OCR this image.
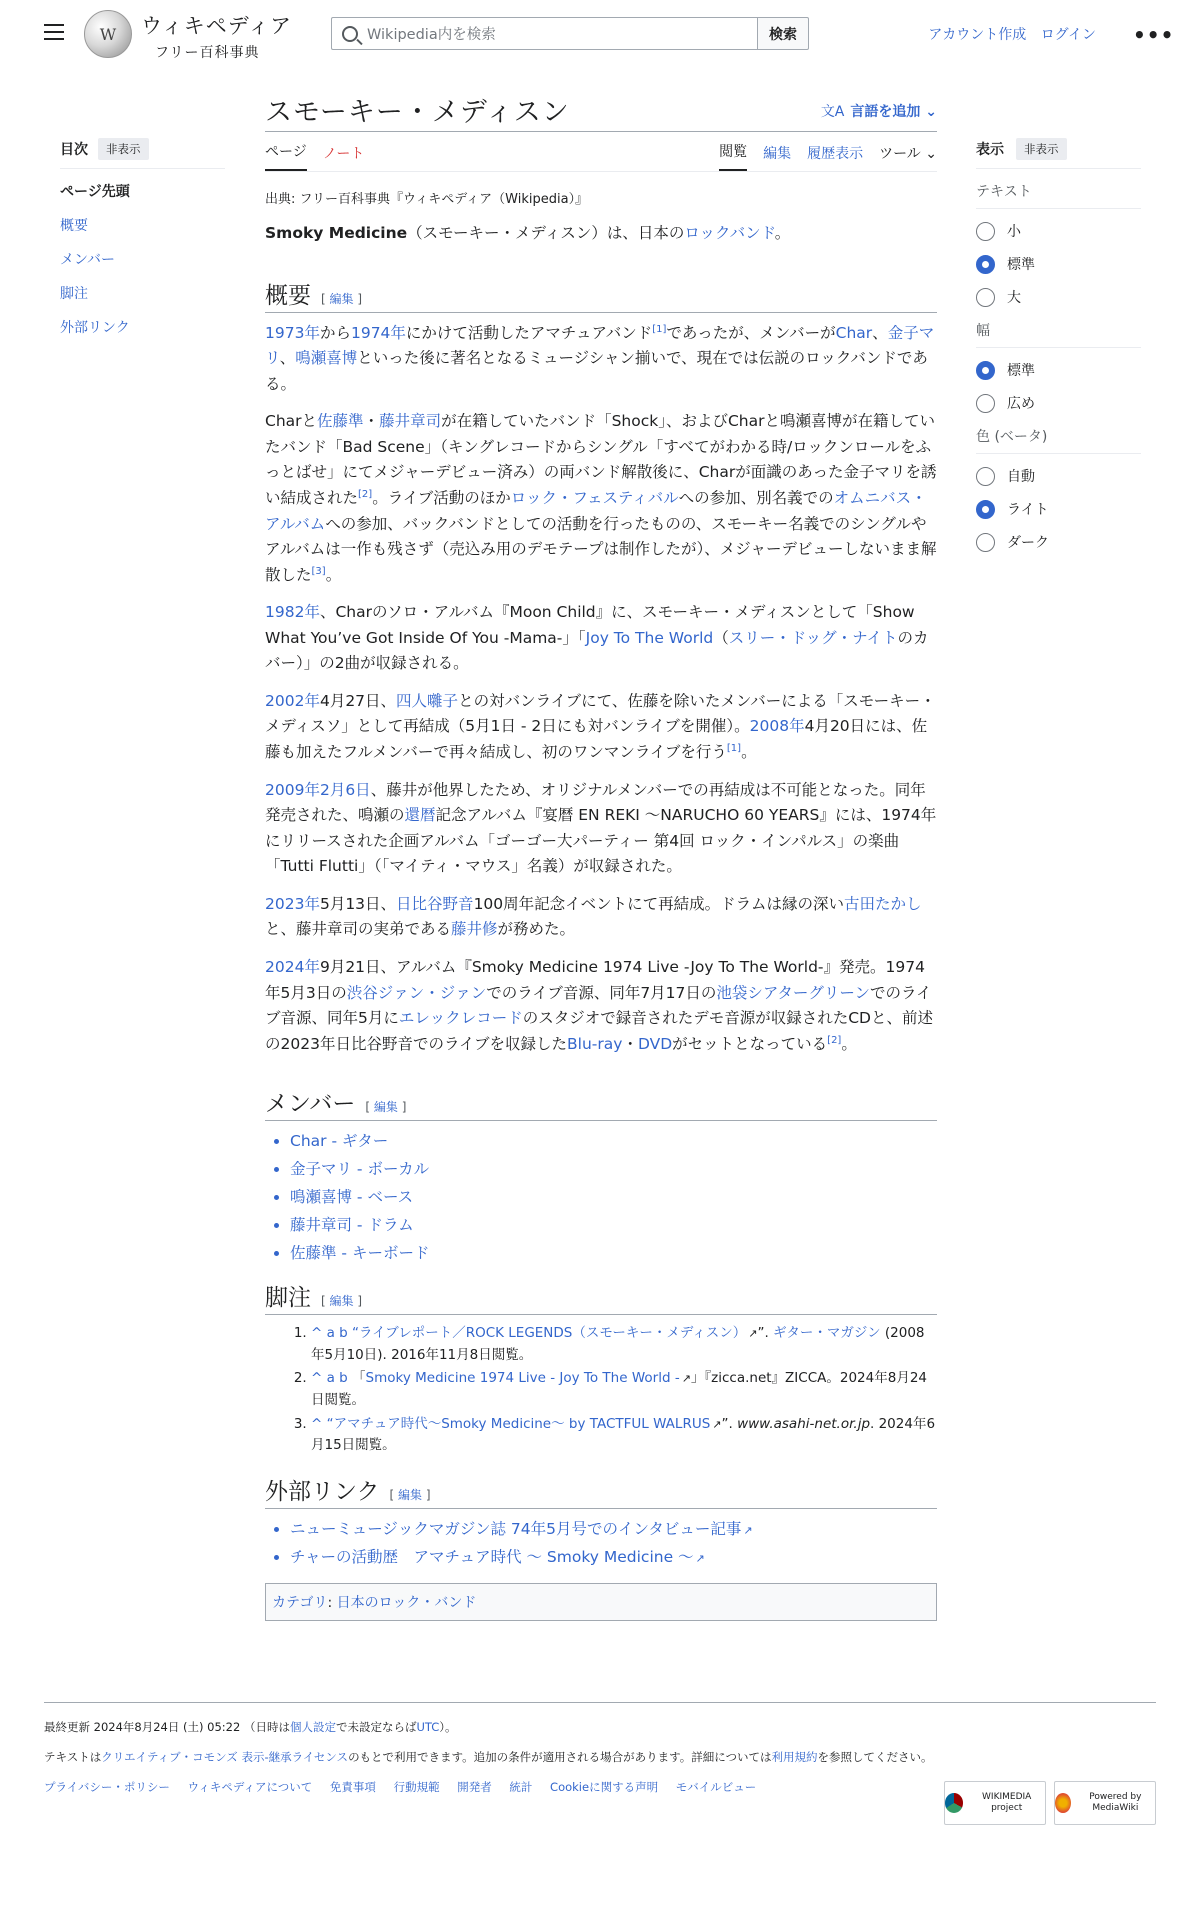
W	ウィキペディア
フリー百科事典
Wikipedia内を検索	検索	アカウント作成 ログイン •••
目次	非表示
ページ先頭
概要
メンバー
脚注
外部リンク
表示	非表示
テキスト
小
標準
大
幅
標準
広め
色 (ベータ)
自動
ライト
ダーク
スモーキー・メディスン	文A 言語を追加 ⌄
ページ ノート	閲覧 編集 履歴表示 ツール ⌄
出典: フリー百科事典『ウィキペディア（Wikipedia）』

Smoky Medicine（スモーキー・メディスン）は、日本のロックバンド。

概要 [ 編集 ]

1973年から1974年にかけて活動したアマチュアバンド[1]であったが、メンバーがChar、金子マリ、鳴瀬喜博といった後に著名となるミュージシャン揃いで、現在では伝説のロックバンドである。

Charと佐藤準・藤井章司が在籍していたバンド「Shock」、およびCharと鳴瀬喜博が在籍していたバンド「Bad Scene」（キングレコードからシングル「すべてがわかる時/ロックンロールをふっとばせ」にてメジャーデビュー済み）の両バンド解散後に、Charが面識のあった金子マリを誘い結成された[2]。ライブ活動のほかロック・フェスティバルへの参加、別名義でのオムニバス・アルバムへの参加、バックバンドとしての活動を行ったものの、スモーキー名義でのシングルやアルバムは一作も残さず（売込み用のデモテープは制作したが）、メジャーデビューしないまま解散した[3]。

1982年、Charのソロ・アルバム『Moon Child』に、スモーキー・メディスンとして「Show What You’ve Got Inside Of You -Mama-」「Joy To The World（スリー・ドッグ・ナイトのカバー）」の2曲が収録される。

2002年4月27日、四人囃子との対バンライブにて、佐藤を除いたメンバーによる「スモーキー・メディスソ」として再結成（5月1日 - 2日にも対バンライブを開催）。2008年4月20日には、佐藤も加えたフルメンバーで再々結成し、初のワンマンライブを行う[1]。

2009年2月6日、藤井が他界したため、オリジナルメンバーでの再結成は不可能となった。同年発売された、鳴瀬の還暦記念アルバム『宴暦 EN REKI 〜NARUCHO 60 YEARS』には、1974年にリリースされた企画アルバム「ゴーゴー大パーティー 第4回 ロック・インパルス」の楽曲「Tutti Flutti」（「マイティ・マウス」名義）が収録された。

2023年5月13日、日比谷野音100周年記念イベントにて再結成。ドラムは縁の深い古田たかしと、藤井章司の実弟である藤井修が務めた。

2024年9月21日、アルバム『Smoky Medicine 1974 Live -Joy To The World-』発売。1974年5月3日の渋谷ジァン・ジァンでのライブ音源、同年7月17日の池袋シアターグリーンでのライブ音源、同年5月にエレックレコードのスタジオで録音されたデモ音源が収録されたCDと、前述の2023年日比谷野音でのライブを収録したBlu-ray・DVDがセットとなっている[2]。

メンバー [ 編集 ]
• Char - ギター
• 金子マリ - ボーカル
• 鳴瀬喜博 - ベース
• 藤井章司 - ドラム
• 佐藤準 - キーボード
脚注 [ 編集 ]
1. ^ a b “ライブレポート／ROCK LEGENDS（スモーキー・メディスン） ↗”. ギター・マガジン (2008年5月10日). 2016年11月8日閲覧。
2. ^ a b 「Smoky Medicine 1974 Live - Joy To The World - ↗」『zicca.net』ZICCA。2024年8月24日閲覧。
3. ^ “アマチュア時代〜Smoky Medicine〜 by TACTFUL WALRUS ↗”. www.asahi-net.or.jp. 2024年6月15日閲覧。
外部リンク [ 編集 ]
• ニューミュージックマガジン誌 74年5月号でのインタビュー記事 ↗
• チャーの活動歴　アマチュア時代 〜 Smoky Medicine 〜 ↗
カテゴリ: 日本のロック・バンド
最終更新 2024年8月24日 (土) 05:22 （日時は個人設定で未設定ならばUTC）。
テキストはクリエイティブ・コモンズ 表示-継承ライセンスのもとで利用できます。追加の条件が適用される場合があります。詳細については利用規約を参照してください。
プライバシー・ポリシー ウィキペディアについて 免責事項 行動規範 開発者 統計 Cookieに関する声明 モバイルビュー
WIKIMEDIA project
Powered by MediaWiki
